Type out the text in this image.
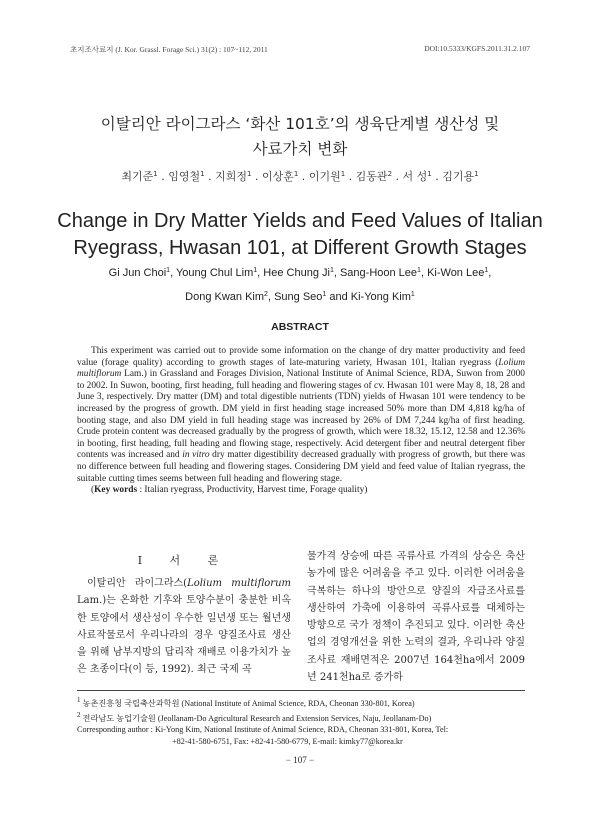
초지조사료지 (J. Kor. Grassl. Forage Sci.) 31(2) : 107~112, 2011	DOI:10.5333/KGFS.2011.31.2.107
이탈리안 라이그라스 ‘화산 101호’의 생육단계별 생산성 및
사료가치 변화
최기준$^1$ . 임영철$^1$ . 지희정$^1$ . 이상훈$^1$ . 이기원$^1$ . 김동관$^2$ . 서 성$^1$ . 김기용$^1$
Change in Dry Matter Yields and Feed Values of Italian
Ryegrass, Hwasan 101, at Different Growth Stages
Gi Jun Choi$^1$, Young Chul Lim$^1$, Hee Chung Ji$^1$, Sang-Hoon Lee$^1$, Ki-Won Lee$^1$,
Dong Kwan Kim$^2$, Sung Seo$^1$ and Ki-Yong Kim$^1$
ABSTRACT

This experiment was carried out to provide some information on the change of dry matter productivity and feed value (forage quality) according to growth stages of late-maturing variety, Hwasan 101, Italian ryegrass (Lolium multiflorum Lam.) in Grassland and Forages Division, National Institute of Animal Science, RDA, Suwon from 2000 to 2002. In Suwon, booting, first heading, full heading and flowering stages of cv. Hwasan 101 were May 8, 18, 28 and June 3, respectively. Dry matter (DM) and total digestible nutrients (TDN) yields of Hwasan 101 were tendency to be increased by the progress of growth. DM yield in first heading stage increased 50% more than DM 4,818 kg/ha of booting stage, and also DM yield in full heading stage was increased by 26% of DM 7,244 kg/ha of first heading. Crude protein content was decreased gradually by the progress of growth, which were 18.32, 15.12, 12.58 and 12.36% in booting, first heading, full heading and flowing stage, respectively. Acid detergent fiber and neutral detergent fiber contents was increased and in vitro dry matter digestibility decreased gradually with progress of growth, but there was no difference between full heading and flowering stages. Considering DM yield and feed value of Italian ryegrass, the suitable cutting times seems between full heading and flowering stage.

(Key words : Italian ryegrass, Productivity, Harvest time, Forage quality)

Ⅰ 서 론

이탈리안 라이그라스(Lolium multiflorum Lam.)는 온화한 기후와 토양수분이 충분한 비옥한 토양에서 생산성이 우수한 일년생 또는 월년생 사료작물로서 우리나라의 경우 양질조사료 생산을 위해 남부지방의 답리작 재배로 이용가치가 높은 초종이다(이 등, 1992). 최근 국제 곡

물가격 상승에 따른 곡류사료 가격의 상승은 축산농가에 많은 어려움을 주고 있다. 이러한 어려움을 극복하는 하나의 방안으로 양질의 자급조사료를 생산하여 가축에 이용하여 곡류사료를 대체하는 방향으로 국가 정책이 추진되고 있다. 이러한 축산업의 경영개선을 위한 노력의 결과, 우리나라 양질조사료 재배면적은 2007년 164천ha에서 2009년 241천ha로 증가하

$^1$ 농촌진흥청 국립축산과학원 (National Institute of Animal Science, RDA, Cheonan 330-801, Korea)
$^2$ 전라남도 농업기술원 (Jeollanam-Do Agricultural Research and Extension Services, Naju, Jeollanam-Do)
Corresponding author : Ki-Yong Kim, National Institute of Animal Science, RDA, Cheonan 331-801, Korea, Tel:
+82-41-580-6751, Fax: +82-41-580-6779, E-mail: kimky77@korea.kr
− 107 −
